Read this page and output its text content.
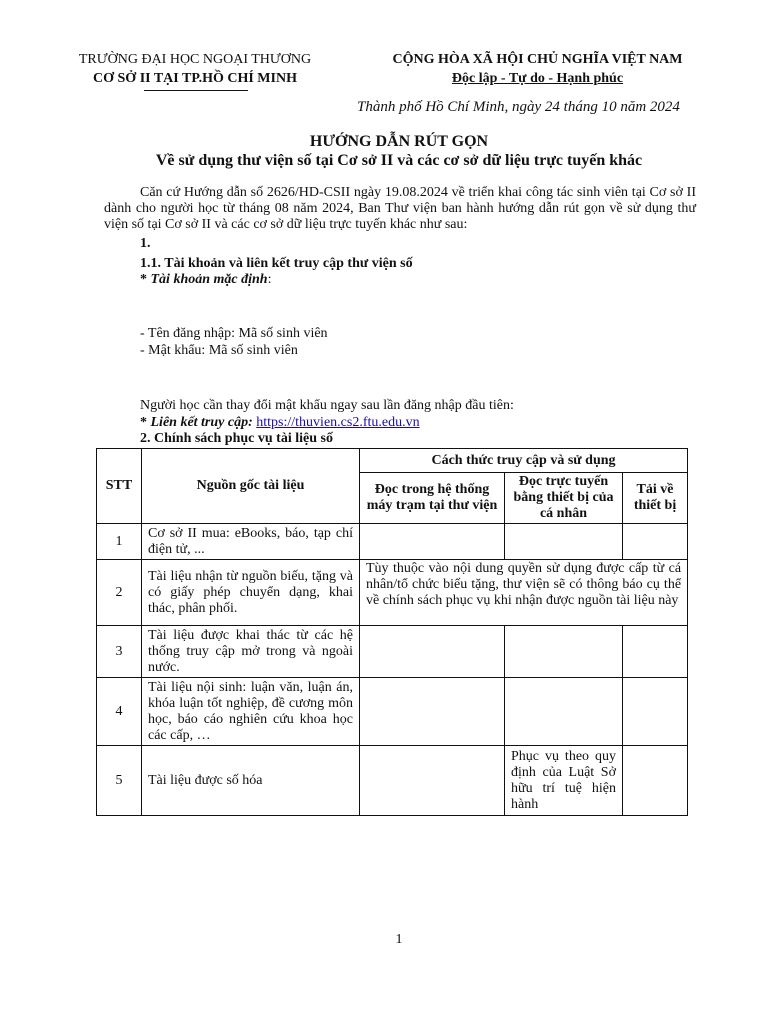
TRƯỜNG ĐẠI HỌC NGOẠI THƯƠNG
CƠ SỞ II TẠI TP.HỒ CHÍ MINH
CỘNG HÒA XÃ HỘI CHỦ NGHĨA VIỆT NAM
Độc lập - Tự do - Hạnh phúc
Thành phố Hồ Chí Minh, ngày 24 tháng 10 năm 2024
HƯỚNG DẪN RÚT GỌN
Về sử dụng thư viện số tại Cơ sở II và các cơ sở dữ liệu trực tuyến khác
Căn cứ Hướng dẫn số 2626/HD-CSII ngày 19.08.2024 về triển khai công tác sinh viên tại Cơ sở II dành cho người học từ tháng 08 năm 2024, Ban Thư viện ban hành hướng dẫn rút gọn về sử dụng thư viện số tại Cơ sở II và các cơ sở dữ liệu trực tuyến khác như sau:
1.
1.1. Tài khoản và liên kết truy cập thư viện số
* Tài khoản mặc định:
- Tên đăng nhập: Mã số sinh viên
- Mật khẩu: Mã số sinh viên
Người học cần thay đổi mật khẩu ngay sau lần đăng nhập đầu tiên:
* Liên kết truy cập: https://thuvien.cs2.ftu.edu.vn
2. Chính sách phục vụ tài liệu số
STT	Nguồn gốc tài liệu	Cách thức truy cập và sử dụng		
		Đọc trong hệ thống máy trạm tại thư viện	Đọc trực tuyến bằng thiết bị của cá nhân	Tải về thiết bị
1	Cơ sở II mua: eBooks, báo, tạp chí điện tử, ...			
2	Tài liệu nhận từ nguồn biếu, tặng và có giấy phép chuyển dạng, khai thác, phân phối.	Tùy thuộc vào nội dung quyền sử dụng được cấp từ cá nhân/tổ chức biếu tặng, thư viện sẽ có thông báo cụ thể về chính sách phục vụ khi nhận được nguồn tài liệu này		
3	Tài liệu được khai thác từ các hệ thống truy cập mở trong và ngoài nước.			
4	Tài liệu nội sinh: luận văn, luận án, khóa luận tốt nghiệp, đề cương môn học, báo cáo nghiên cứu khoa học các cấp, …			
5	Tài liệu được số hóa		Phục vụ theo quy định của Luật Sở hữu trí tuệ hiện hành	
1
